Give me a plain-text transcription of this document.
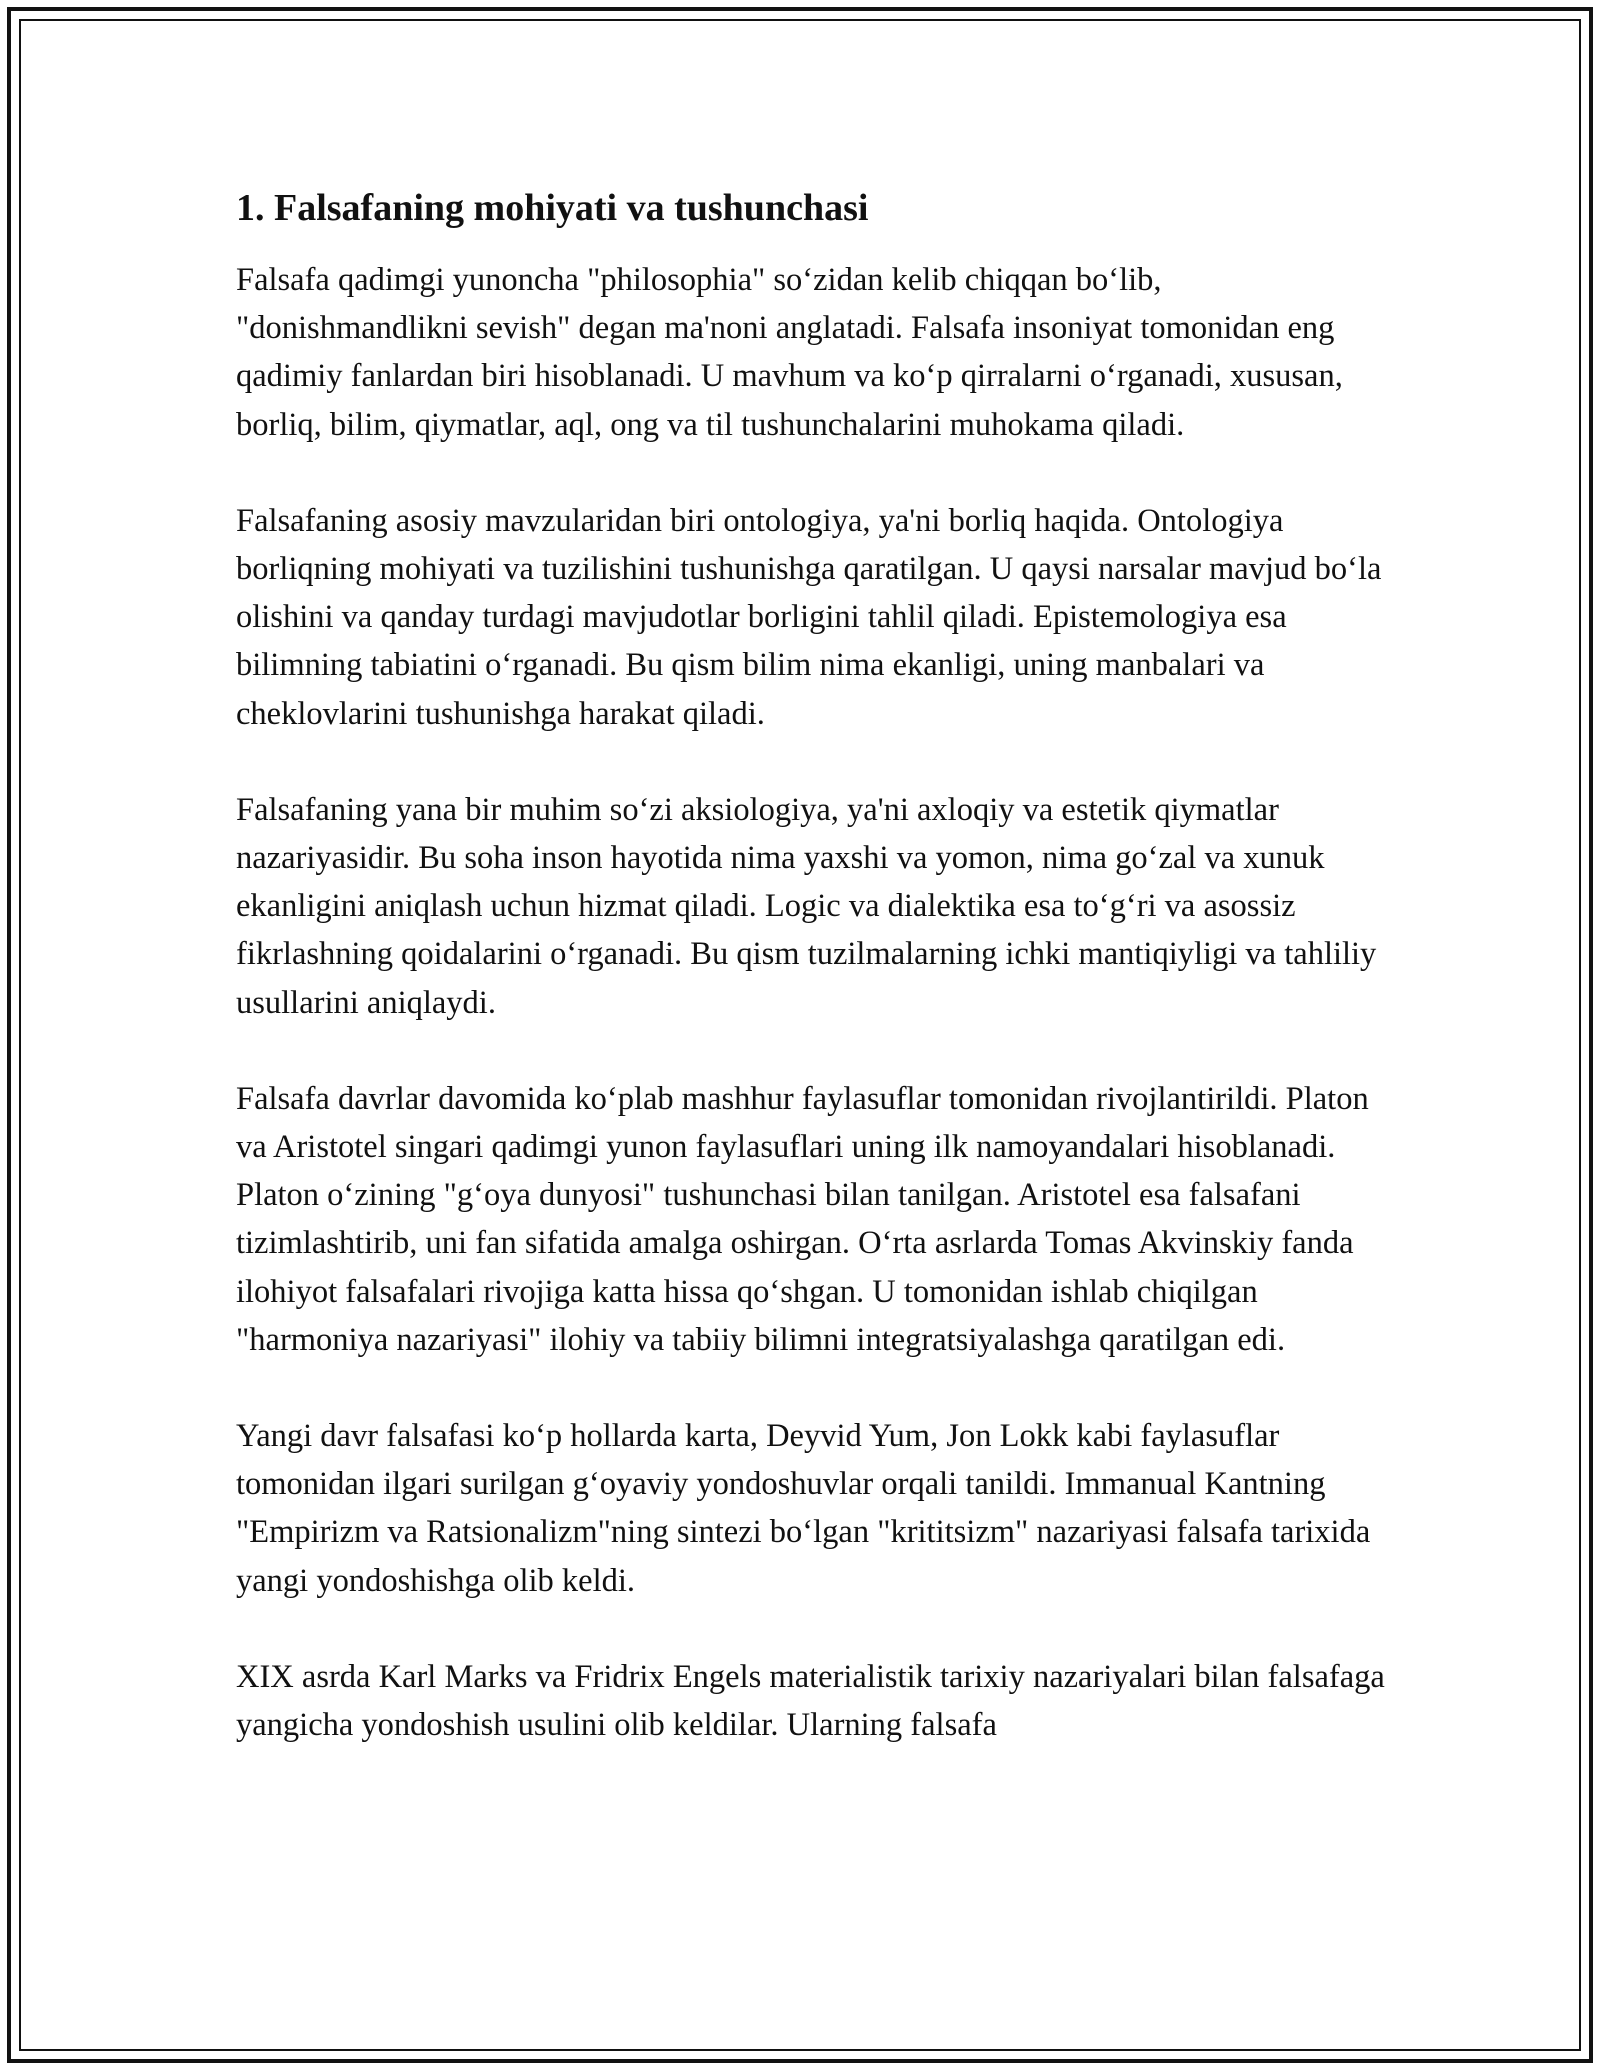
1. Falsafaning mohiyati va tushunchasi

Falsafa qadimgi yunoncha "philosophia" so‘zidan kelib chiqqan bo‘lib, "donishmandlikni sevish" degan ma'noni anglatadi. Falsafa insoniyat tomonidan eng qadimiy fanlardan biri hisoblanadi. U mavhum va ko‘p qirralarni o‘rganadi, xususan, borliq, bilim, qiymatlar, aql, ong va til tushunchalarini muhokama qiladi.

Falsafaning asosiy mavzularidan biri ontologiya, ya'ni borliq haqida. Ontologiya borliqning mohiyati va tuzilishini tushunishga qaratilgan. U qaysi narsalar mavjud bo‘la olishini va qanday turdagi mavjudotlar borligini tahlil qiladi. Epistemologiya esa bilimning tabiatini o‘rganadi. Bu qism bilim nima ekanligi, uning manbalari va cheklovlarini tushunishga harakat qiladi.

Falsafaning yana bir muhim so‘zi aksiologiya, ya'ni axloqiy va estetik qiymatlar nazariyasidir. Bu soha inson hayotida nima yaxshi va yomon, nima go‘zal va xunuk ekanligini aniqlash uchun hizmat qiladi. Logic va dialektika esa to‘g‘ri va asossiz fikrlashning qoidalarini o‘rganadi. Bu qism tuzilmalarning ichki mantiqiyligi va tahliliy usullarini aniqlaydi.

Falsafa davrlar davomida ko‘plab mashhur faylasuflar tomonidan rivojlantirildi. Platon va Aristotel singari qadimgi yunon faylasuflari uning ilk namoyandalari hisoblanadi. Platon o‘zining "g‘oya dunyosi" tushunchasi bilan tanilgan. Aristotel esa falsafani tizimlashtirib, uni fan sifatida amalga oshirgan. O‘rta asrlarda Tomas Akvinskiy fanda ilohiyot falsafalari rivojiga katta hissa qo‘shgan. U tomonidan ishlab chiqilgan "harmoniya nazariyasi" ilohiy va tabiiy bilimni integratsiyalashga qaratilgan edi.

Yangi davr falsafasi ko‘p hollarda karta, Deyvid Yum, Jon Lokk kabi faylasuflar tomonidan ilgari surilgan g‘oyaviy yondoshuvlar orqali tanildi. Immanual Kantning "Empirizm va Ratsionalizm"ning sintezi bo‘lgan "krititsizm" nazariyasi falsafa tarixida yangi yondoshishga olib keldi.

XIX asrda Karl Marks va Fridrix Engels materialistik tarixiy nazariyalari bilan falsafaga yangicha yondoshish usulini olib keldilar. Ularning falsafa
